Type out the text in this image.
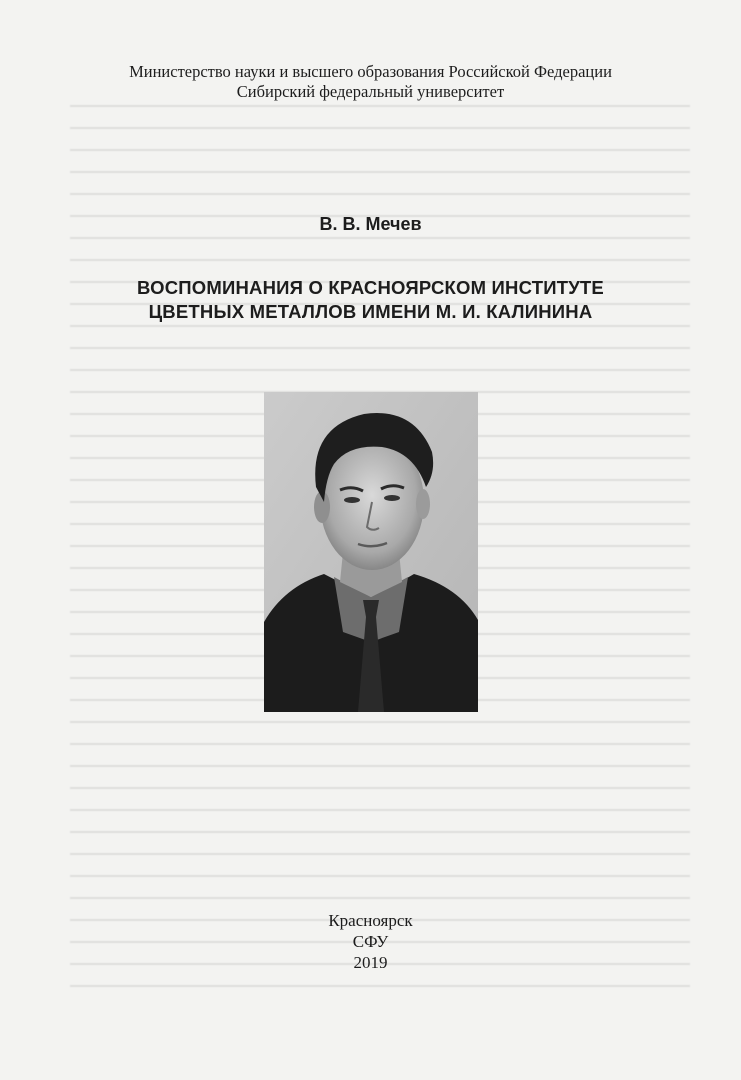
Министерство науки и высшего образования Российской Федерации
Сибирский федеральный университет
В. В. Мечев
ВОСПОМИНАНИЯ О КРАСНОЯРСКОМ ИНСТИТУТЕ
ЦВЕТНЫХ МЕТАЛЛОВ ИМЕНИ М. И. КАЛИНИНА
Красноярск
СФУ
2019
